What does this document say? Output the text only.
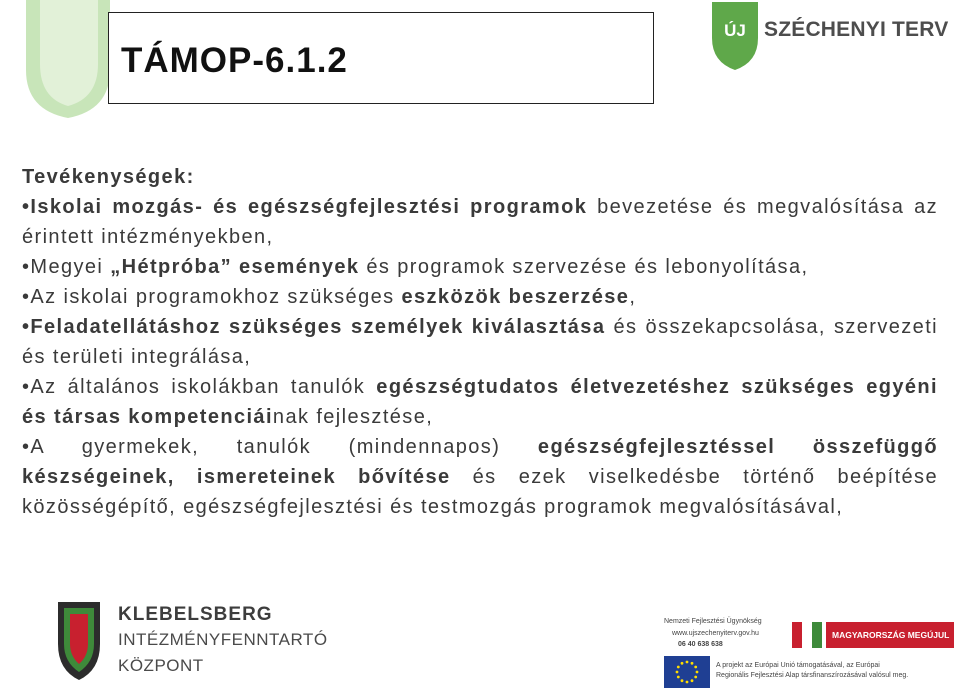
TÁMOP-6.1.2
ÚJ SZÉCHENYI TERV

Tevékenységek:

•Iskolai mozgás- és egészségfejlesztési programok bevezetése és megvalósítása az érintett intézményekben,

•Megyei „Hétpróba” események és programok szervezése és lebonyolítása,

•Az iskolai programokhoz szükséges eszközök beszerzése,

•Feladatellátáshoz szükséges személyek kiválasztása és összekapcsolása, szervezeti és területi integrálása,

•Az általános iskolákban tanulók egészségtudatos életvezetéshez szükséges egyéni és társas kompetenciáinak fejlesztése,

•A gyermekek, tanulók (mindennapos) egészségfejlesztéssel összefüggő készségeinek, ismereteinek bővítése és ezek viselkedésbe történő beépítése közösségépítő, egészségfejlesztési és testmozgás programok megvalósításával,

KLEBELSBERG
INTÉZMÉNYFENNTARTÓ
KÖZPONT
Nemzeti Fejlesztési Ügynökség
www.ujszechenyiterv.gov.hu
06 40 638 638
MAGYARORSZÁG MEGÚJUL
A projekt az Európai Unió támogatásával, az Európai
Regionális Fejlesztési Alap társfinanszírozásával valósul meg.
